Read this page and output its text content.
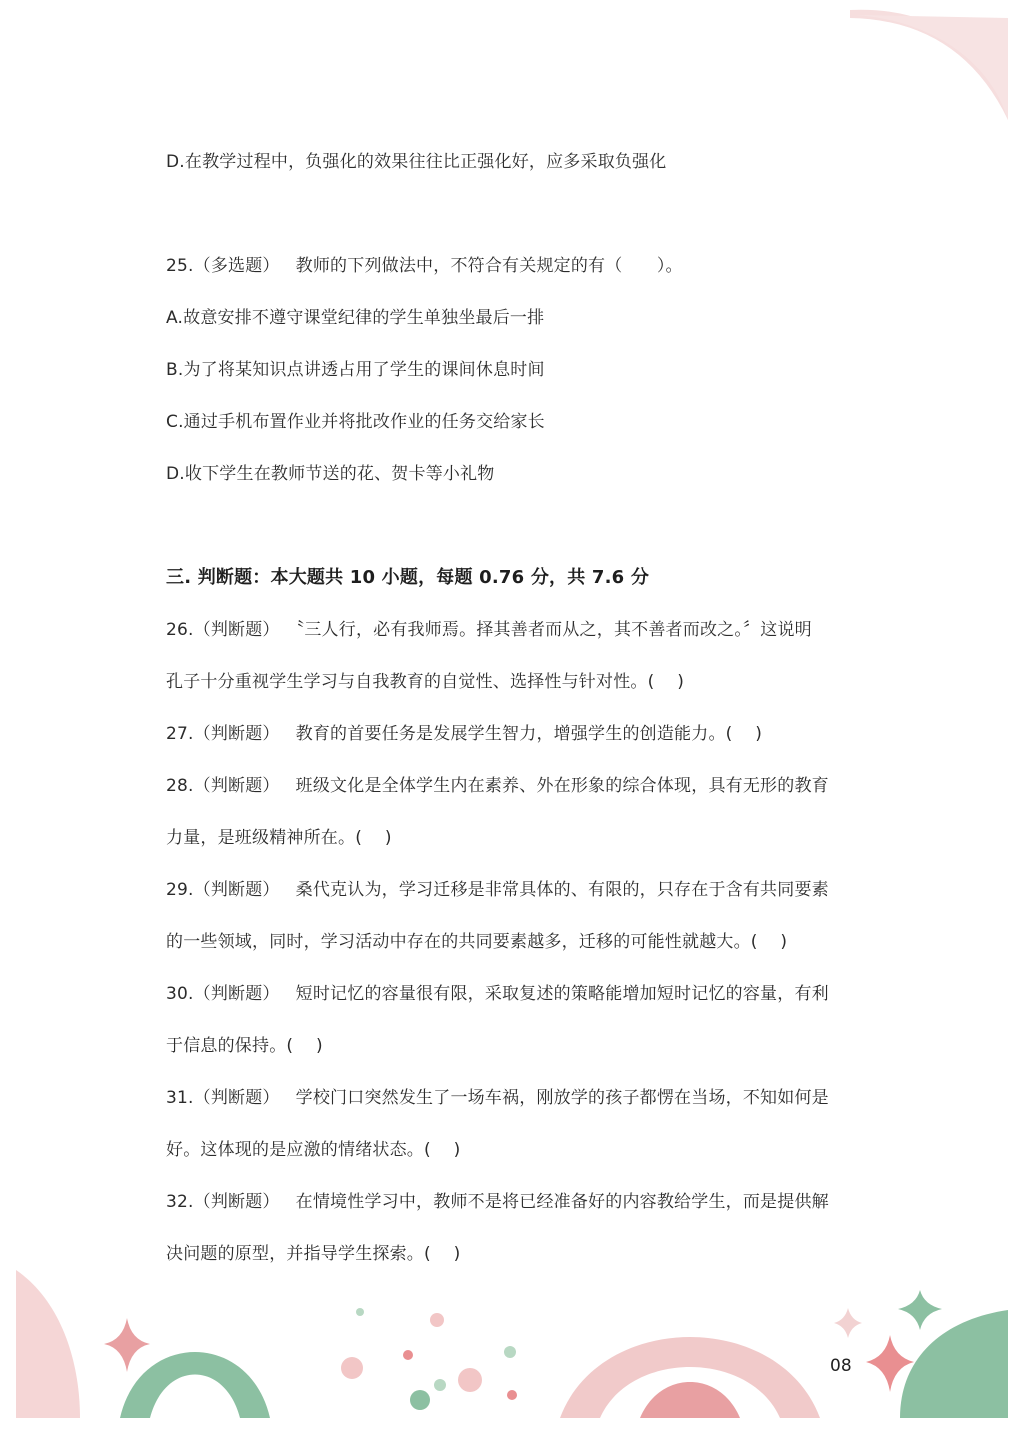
D.在教学过程中，负强化的效果往往比正强化好，应多采取负强化
25.（多选题） 教师的下列做法中，不符合有关规定的有（　　）。
A.故意安排不遵守课堂纪律的学生单独坐最后一排
B.为了将某知识点讲透占用了学生的课间休息时间
C.通过手机布置作业并将批改作业的任务交给家长
D.收下学生在教师节送的花、贺卡等小礼物
三. 判断题：本大题共 10 小题，每题 0.76 分，共 7.6 分
26.（判断题） 〝三人行，必有我师焉。择其善者而从之，其不善者而改之。〞这说明
孔子十分重视学生学习与自我教育的自觉性、选择性与针对性。(　 )
27.（判断题） 教育的首要任务是发展学生智力，增强学生的创造能力。(　 )
28.（判断题） 班级文化是全体学生内在素养、外在形象的综合体现，具有无形的教育
力量，是班级精神所在。(　 )
29.（判断题） 桑代克认为，学习迁移是非常具体的、有限的，只存在于含有共同要素
的一些领域，同时，学习活动中存在的共同要素越多，迁移的可能性就越大。(　 )
30.（判断题） 短时记忆的容量很有限，采取复述的策略能增加短时记忆的容量，有利
于信息的保持。(　 )
31.（判断题） 学校门口突然发生了一场车祸，刚放学的孩子都愣在当场，不知如何是
好。这体现的是应激的情绪状态。(　 )
32.（判断题） 在情境性学习中，教师不是将已经准备好的内容教给学生，而是提供解
决问题的原型，并指导学生探索。(　 )
08
